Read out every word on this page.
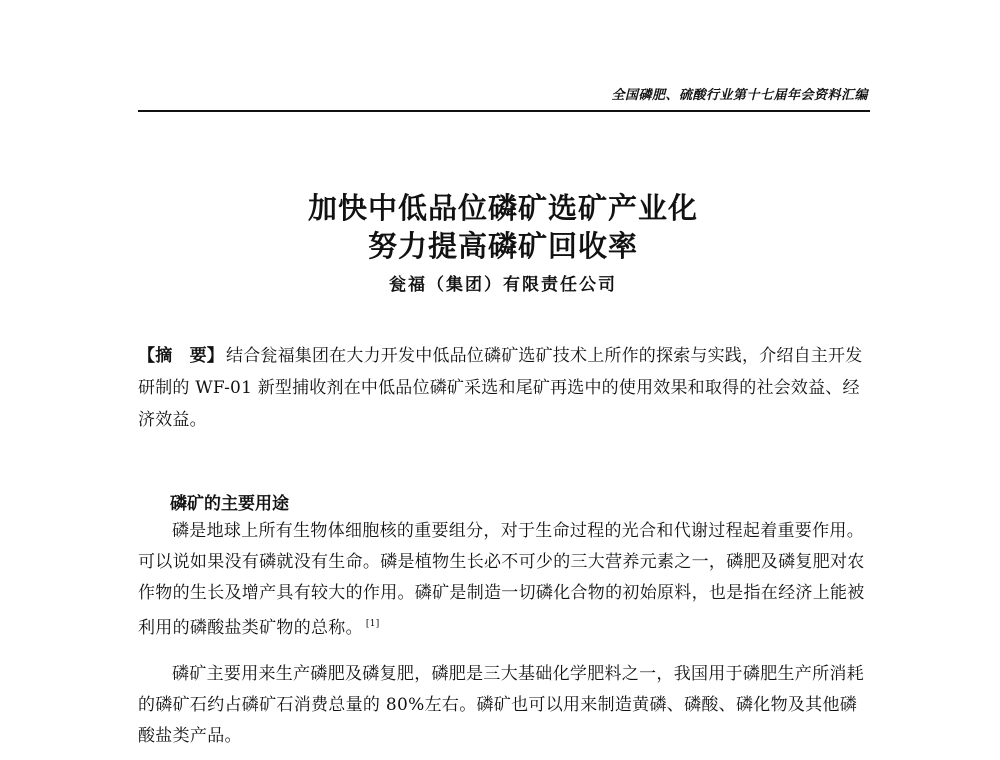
全国磷肥、硫酸行业第十七届年会资料汇编
加快中低品位磷矿选矿产业化
努力提高磷矿回收率
瓮福（集团）有限责任公司
【摘　要】 结合瓮福集团在大力开发中低品位磷矿选矿技术上所作的探索与实践，介绍自主开发研制的 WF-01 新型捕收剂在中低品位磷矿采选和尾矿再选中的使用效果和取得的社会效益、经济效益。
磷矿的主要用途
磷是地球上所有生物体细胞核的重要组分，对于生命过程的光合和代谢过程起着重要作用。可以说如果没有磷就没有生命。磷是植物生长必不可少的三大营养元素之一，磷肥及磷复肥对农作物的生长及增产具有较大的作用。磷矿是制造一切磷化合物的初始原料，也是指在经济上能被利用的磷酸盐类矿物的总称。 [1]
磷矿主要用来生产磷肥及磷复肥，磷肥是三大基础化学肥料之一，我国用于磷肥生产所消耗的磷矿石约占磷矿石消费总量的 80%左右。磷矿也可以用来制造黄磷、磷酸、磷化物及其他磷酸盐类产品。
